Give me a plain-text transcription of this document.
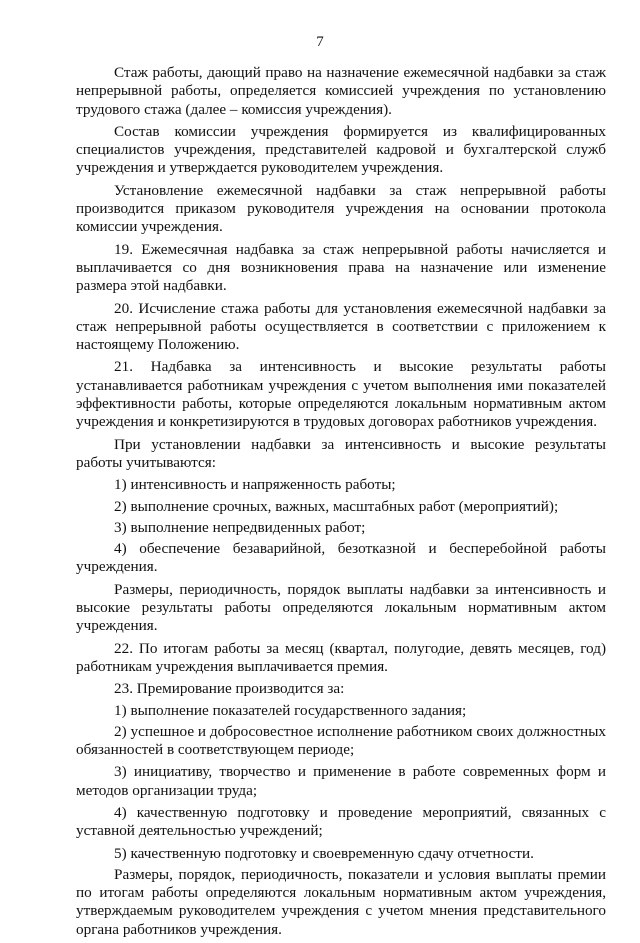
7

Стаж работы, дающий право на назначение ежемесячной надбавки за стаж непрерывной работы, определяется комиссией учреждения по установлению трудового стажа (далее – комиссия учреждения).

Состав комиссии учреждения формируется из квалифицированных специалистов учреждения, представителей кадровой и бухгалтерской служб учреждения и утверждается руководителем учреждения.

Установление ежемесячной надбавки за стаж непрерывной работы производится приказом руководителя учреждения на основании протокола комиссии учреждения.

19. Ежемесячная надбавка за стаж непрерывной работы начисляется и выплачивается со дня возникновения права на назначение или изменение размера этой надбавки.

20. Исчисление стажа работы для установления ежемесячной надбавки за стаж непрерывной работы осуществляется в соответствии с приложением к настоящему Положению.

21. Надбавка за интенсивность и высокие результаты работы устанавливается работникам учреждения с учетом выполнения ими показателей эффективности работы, которые определяются локальным нормативным актом учреждения и конкретизируются в трудовых договорах работников учреждения.

При установлении надбавки за интенсивность и высокие результаты работы учитываются:

1) интенсивность и напряженность работы;

2) выполнение срочных, важных, масштабных работ (мероприятий);

3) выполнение непредвиденных работ;

4) обеспечение безаварийной, безотказной и бесперебойной работы учреждения.

Размеры, периодичность, порядок выплаты надбавки за интенсивность и высокие результаты работы определяются локальным нормативным актом учреждения.

22. По итогам работы за месяц (квартал, полугодие, девять месяцев, год) работникам учреждения выплачивается премия.

23. Премирование производится за:

1) выполнение показателей государственного задания;

2) успешное и добросовестное исполнение работником своих должностных обязанностей в соответствующем периоде;

3) инициативу, творчество и применение в работе современных форм и методов организации труда;

4) качественную подготовку и проведение мероприятий, связанных с уставной деятельностью учреждений;

5) качественную подготовку и своевременную сдачу отчетности.

Размеры, порядок, периодичность, показатели и условия выплаты премии по итогам работы определяются локальным нормативным актом учреждения, утверждаемым руководителем учреждения с учетом мнения представительного органа работников учреждения.
